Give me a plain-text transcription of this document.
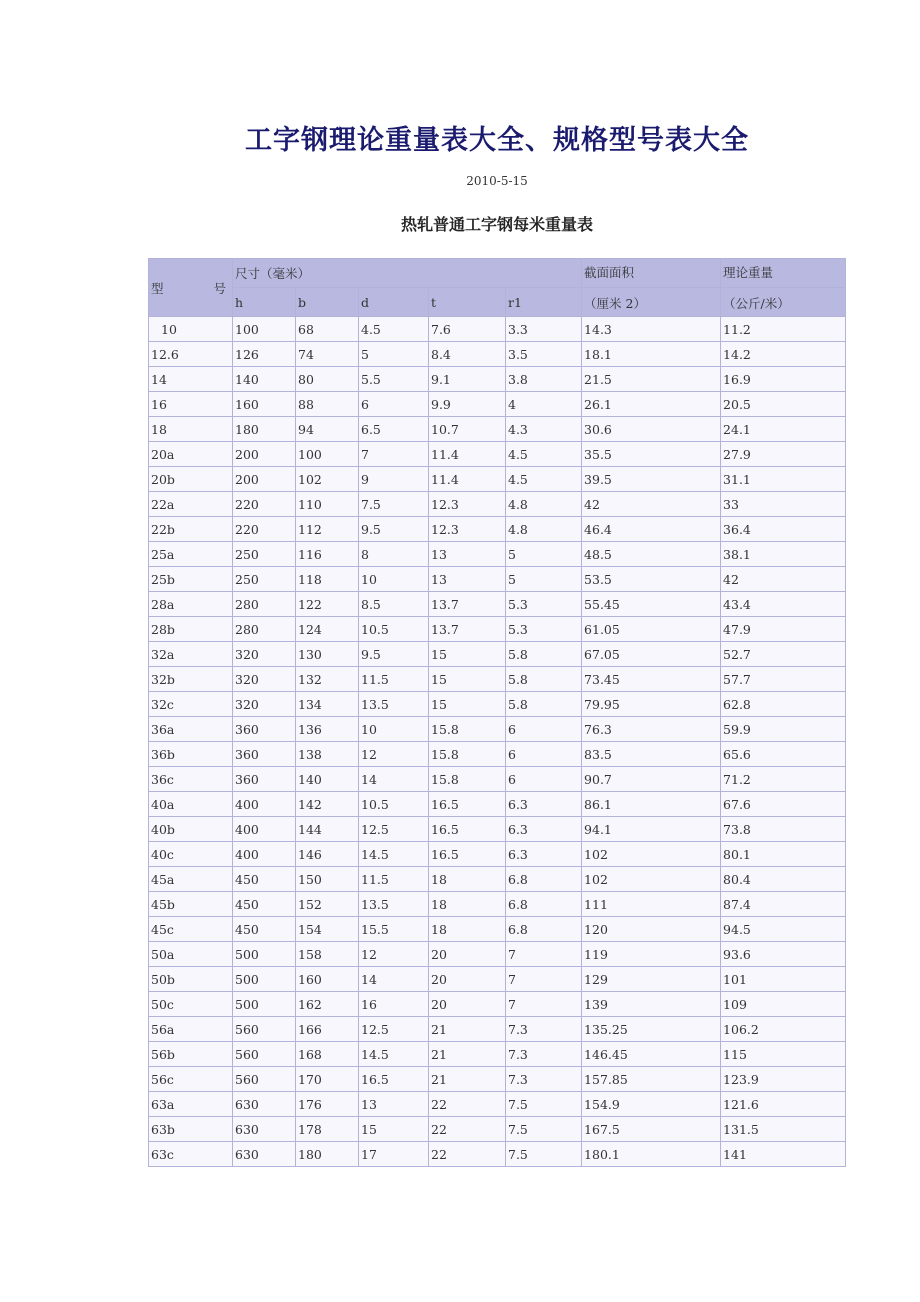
工字钢理论重量表大全、规格型号表大全
2010-5-15
热轧普通工字钢每米重量表
型 号	尺寸（毫米）					截面面积	理论重量
	h	b	d	t	r1	（厘米 2）	（公斤/米）
10	100	68	4.5	7.6	3.3	14.3	11.2
12.6	126	74	5	8.4	3.5	18.1	14.2
14	140	80	5.5	9.1	3.8	21.5	16.9
16	160	88	6	9.9	4	26.1	20.5
18	180	94	6.5	10.7	4.3	30.6	24.1
20a	200	100	7	11.4	4.5	35.5	27.9
20b	200	102	9	11.4	4.5	39.5	31.1
22a	220	110	7.5	12.3	4.8	42	33
22b	220	112	9.5	12.3	4.8	46.4	36.4
25a	250	116	8	13	5	48.5	38.1
25b	250	118	10	13	5	53.5	42
28a	280	122	8.5	13.7	5.3	55.45	43.4
28b	280	124	10.5	13.7	5.3	61.05	47.9
32a	320	130	9.5	15	5.8	67.05	52.7
32b	320	132	11.5	15	5.8	73.45	57.7
32c	320	134	13.5	15	5.8	79.95	62.8
36a	360	136	10	15.8	6	76.3	59.9
36b	360	138	12	15.8	6	83.5	65.6
36c	360	140	14	15.8	6	90.7	71.2
40a	400	142	10.5	16.5	6.3	86.1	67.6
40b	400	144	12.5	16.5	6.3	94.1	73.8
40c	400	146	14.5	16.5	6.3	102	80.1
45a	450	150	11.5	18	6.8	102	80.4
45b	450	152	13.5	18	6.8	111	87.4
45c	450	154	15.5	18	6.8	120	94.5
50a	500	158	12	20	7	119	93.6
50b	500	160	14	20	7	129	101
50c	500	162	16	20	7	139	109
56a	560	166	12.5	21	7.3	135.25	106.2
56b	560	168	14.5	21	7.3	146.45	115
56c	560	170	16.5	21	7.3	157.85	123.9
63a	630	176	13	22	7.5	154.9	121.6
63b	630	178	15	22	7.5	167.5	131.5
63c	630	180	17	22	7.5	180.1	141
